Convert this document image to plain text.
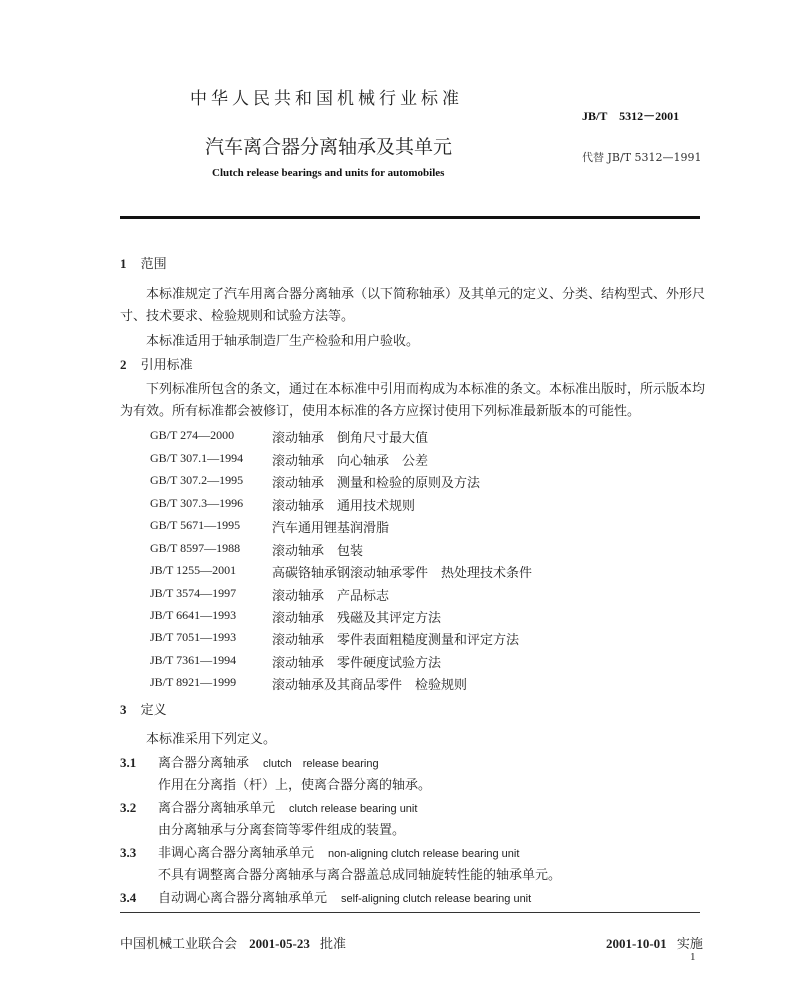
中华人民共和国机械行业标准
JB/T　5312－2001
汽车离合器分离轴承及其单元	代替 JB/T 5312—1991
Clutch release bearings and units for automobiles
1 范围
本标准规定了汽车用离合器分离轴承（以下简称轴承）及其单元的定义、分类、结构型式、外形尺寸、技术要求、检验规则和试验方法等。
本标准适用于轴承制造厂生产检验和用户验收。
2 引用标准
下列标准所包含的条文，通过在本标准中引用而构成为本标准的条文。本标准出版时，所示版本均为有效。所有标准都会被修订，使用本标准的各方应探讨使用下列标准最新版本的可能性。
GB/T 274—2000	滚动轴承　倒角尺寸最大值
GB/T 307.1—1994 滚动轴承　向心轴承　公差
GB/T 307.2—1995 滚动轴承　测量和检验的原则及方法
GB/T 307.3—1996 滚动轴承　通用技术规则
GB/T 5671—1995 汽车通用锂基润滑脂
GB/T 8597—1988 滚动轴承　包装
JB/T 1255—2001	高碳铬轴承钢滚动轴承零件　热处理技术条件
JB/T 3574—1997	滚动轴承　产品标志
JB/T 6641—1993	滚动轴承　残磁及其评定方法
JB/T 7051—1993	滚动轴承　零件表面粗糙度测量和评定方法
JB/T 7361—1994	滚动轴承　零件硬度试验方法
JB/T 8921—1999	滚动轴承及其商品零件　检验规则
3 定义
本标准采用下列定义。
3.1 离合器分离轴承 clutch　release bearing
作用在分离指（杆）上，使离合器分离的轴承。
3.2 离合器分离轴承单元 clutch release bearing unit
由分离轴承与分离套筒等零件组成的装置。
3.3 非调心离合器分离轴承单元 non-aligning clutch release bearing unit
不具有调整离合器分离轴承与离合器盖总成同轴旋转性能的轴承单元。
3.4 自动调心离合器分离轴承单元 self-aligning clutch release bearing unit
中国机械工业联合会 2001-05-23 批准	2001-10-01 实施
1
